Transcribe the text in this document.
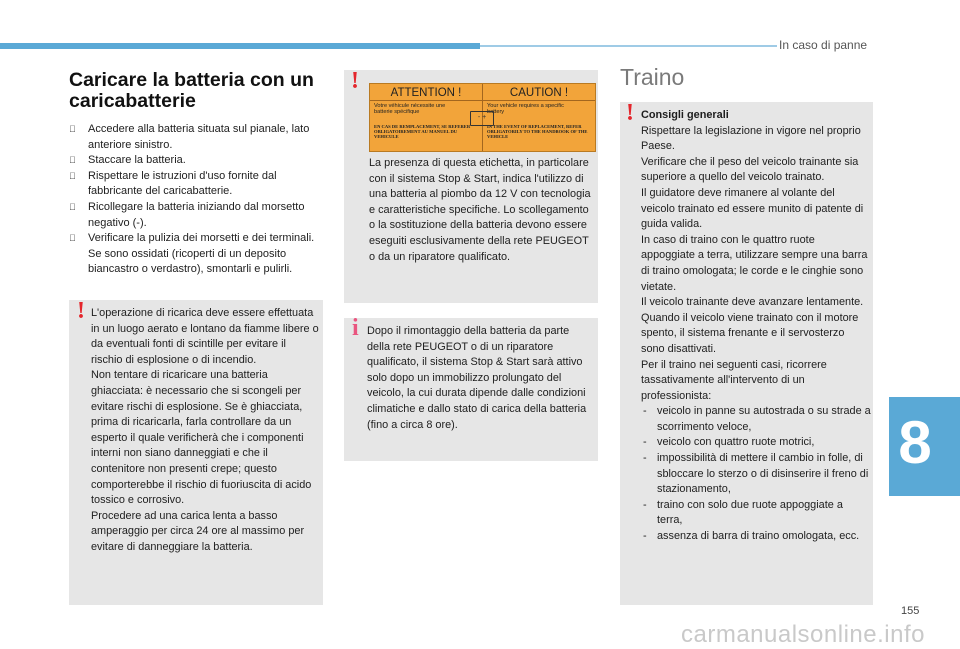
In caso di panne
Caricare la batteria con un
caricabatterie
Accedere alla batteria situata sul pianale, lato anteriore sinistro.
Staccare la batteria.
Rispettare le istruzioni d'uso fornite dal fabbricante del caricabatterie.
Ricollegare la batteria iniziando dal morsetto negativo (-).
Verificare la pulizia dei morsetti e dei terminali. Se sono ossidati (ricoperti di un deposito biancastro o verdastro), smontarli e pulirli.
! L'operazione di ricarica deve essere effettuata in un luogo aerato e lontano da fiamme libere o da eventuali fonti di scintille per evitare il rischio di esplosione o di incendio.
Non tentare di ricaricare una batteria ghiacciata: è necessario che si scongeli per evitare rischi di esplosione. Se è ghiacciata, prima di ricaricarla, farla controllare da un esperto il quale verificherà che i componenti interni non siano danneggiati e che il contenitore non presenti crepe; questo comporterebbe il rischio di fuoriuscita di acido tossico e corrosivo.
Procedere ad una carica lenta a basso amperaggio per circa 24 ore al massimo per evitare di danneggiare la batteria.
!	ATTENTION !
Votre véhicule nécessite une batterie spécifique
EN CAS DE REMPLACEMENT, SE REFERER OBLIGATOIREMENT AU MANUEL DU VEHICULE
CAUTION !
Your vehicle requires a specific battery
IN THE EVENT OF REPLACEMENT, REFER OBLIGATORILY TO THE HANDBOOK OF THE VEHICLE
- +
La presenza di questa etichetta, in particolare con il sistema Stop & Start, indica l'utilizzo di una batteria al piombo da 12 V con tecnologia e caratteristiche specifiche. Lo scollegamento o la sostituzione della batteria devono essere eseguiti esclusivamente della rete PEUGEOT o da un riparatore qualificato.
i Dopo il rimontaggio della batteria da parte della rete PEUGEOT o di un riparatore qualificato, il sistema Stop & Start sarà attivo solo dopo un immobilizzo prolungato del veicolo, la cui durata dipende dalle condizioni climatiche e dallo stato di carica della batteria (fino a circa 8 ore).
Traino
! Consigli generali
Rispettare la legislazione in vigore nel proprio Paese.
Verificare che il peso del veicolo trainante sia superiore a quello del veicolo trainato.
Il guidatore deve rimanere al volante del veicolo trainato ed essere munito di patente di guida valida.
In caso di traino con le quattro ruote appoggiate a terra, utilizzare sempre una barra di traino omologata; le corde e le cinghie sono vietate.
Il veicolo trainante deve avanzare lentamente.
Quando il veicolo viene trainato con il motore spento, il sistema frenante e il servosterzo sono disattivati.
Per il traino nei seguenti casi, ricorrere tassativamente all'intervento di un professionista:
- veicolo in panne su autostrada o su strade a scorrimento veloce,
- veicolo con quattro ruote motrici,
- impossibilità di mettere il cambio in folle, di sbloccare lo sterzo o di disinserire il freno di stazionamento,
- traino con solo due ruote appoggiate a terra,
- assenza di barra di traino omologata, ecc.
8
155
carmanualsonline.info
